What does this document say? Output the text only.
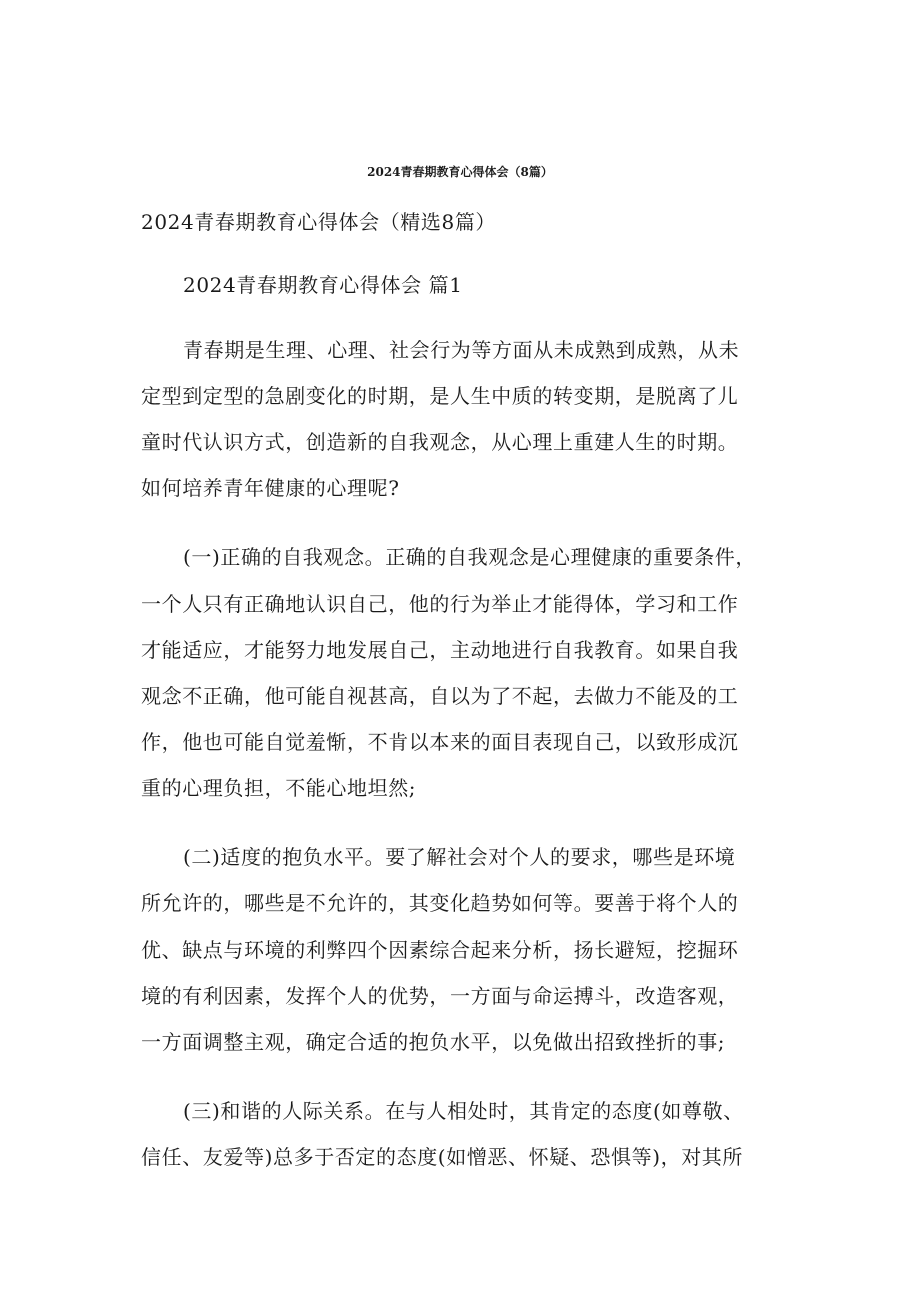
2024青春期教育心得体会（8篇）
2024青春期教育心得体会（精选8篇）
2024青春期教育心得体会 篇1
青春期是生理、心理、社会行为等方面从未成熟到成熟，从未
定型到定型的急剧变化的时期，是人生中质的转变期，是脱离了儿
童时代认识方式，创造新的自我观念，从心理上重建人生的时期。
如何培养青年健康的心理呢?
(一)正确的自我观念。正确的自我观念是心理健康的重要条件，
一个人只有正确地认识自己，他的行为举止才能得体，学习和工作
才能适应，才能努力地发展自己，主动地进行自我教育。如果自我
观念不正确，他可能自视甚高，自以为了不起，去做力不能及的工
作，他也可能自觉羞惭，不肯以本来的面目表现自己，以致形成沉
重的心理负担，不能心地坦然;
(二)适度的抱负水平。要了解社会对个人的要求，哪些是环境
所允许的，哪些是不允许的，其变化趋势如何等。要善于将个人的
优、缺点与环境的利弊四个因素综合起来分析，扬长避短，挖掘环
境的有利因素，发挥个人的优势，一方面与命运搏斗，改造客观，
一方面调整主观，确定合适的抱负水平，以免做出招致挫折的事;
(三)和谐的人际关系。在与人相处时，其肯定的态度(如尊敬、
信任、友爱等)总多于否定的态度(如憎恶、怀疑、恐惧等)，对其所
